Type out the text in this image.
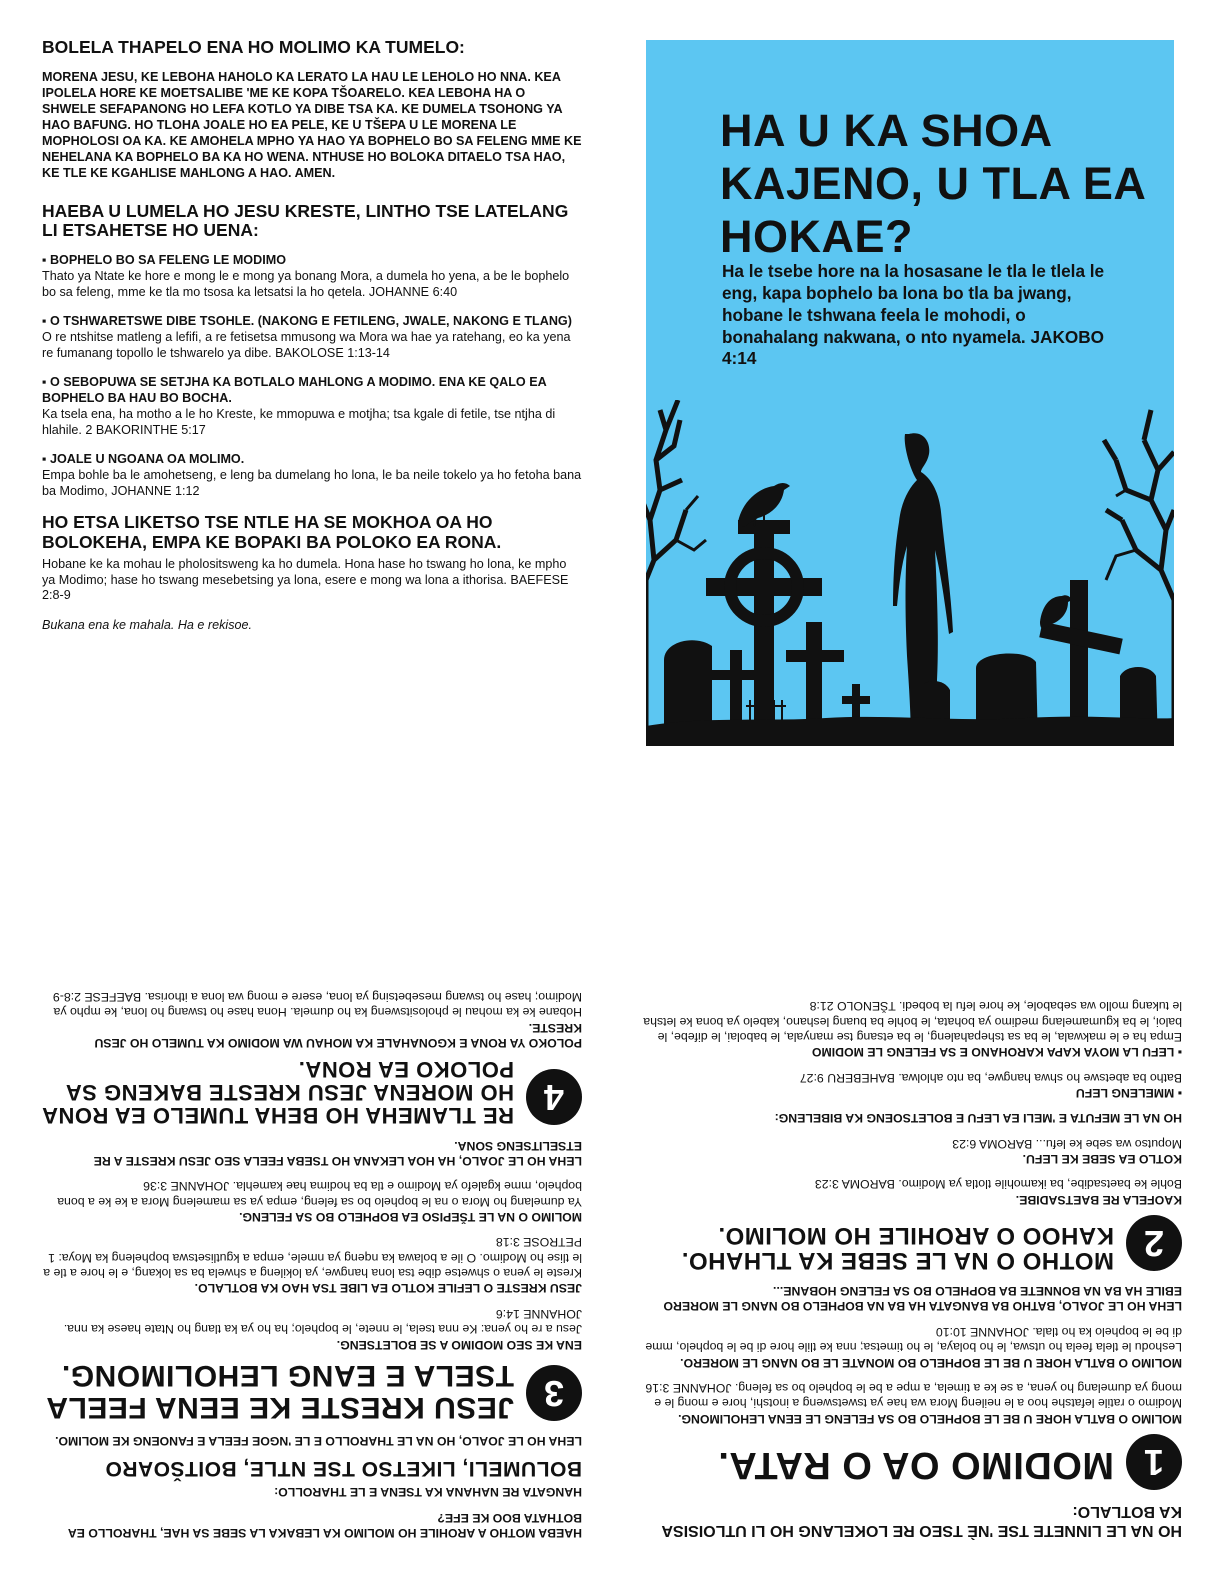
BOLELA THAPELO ENA HO MOLIMO KA TUMELO:

MORENA JESU, KE LEBOHA HAHOLO KA LERATO LA HAU LE LEHOLO HO NNA. KEA IPOLELA HORE KE MOETSALIBE 'ME KE KOPA TŠOARELO. KEA LEBOHA HA O SHWELE SEFAPANONG HO LEFA KOTLO YA DIBE TSA KA. KE DUMELA TSOHONG YA HAO BAFUNG. HO TLOHA JOALE HO EA PELE, KE U TŠEPA U LE MORENA LE MOPHOLOSI OA KA. KE AMOHELA MPHO YA HAO YA BOPHELO BO SA FELENG MME KE NEHELANA KA BOPHELO BA KA HO WENA. NTHUSE HO BOLOKA DITAELO TSA HAO, KE TLE KE KGAHLISE MAHLONG A HAO. AMEN.

HAEBA U LUMELA HO JESU KRESTE, LINTHO TSE LATELANG LI ETSAHETSE HO UENA:
▪ BOPHELO BO SA FELENG LE MODIMO
Thato ya Ntate ke hore e mong le e mong ya bonang Mora, a dumela ho yena, a be le bophelo bo sa feleng, mme ke tla mo tsosa ka letsatsi la ho qetela. JOHANNE 6:40
▪ O TSHWARETSWE DIBE TSOHLE. (NAKONG E FETILENG, JWALE, NAKONG E TLANG)
O re ntshitse matleng a lefifi, a re fetisetsa mmusong wa Mora wa hae ya ratehang, eo ka yena re fumanang topollo le tshwarelo ya dibe. BAKOLOSE 1:13-14
▪ O SEBOPUWA SE SETJHA KA BOTLALO MAHLONG A MODIMO. ENA KE QALO EA BOPHELO BA HAU BO BOCHA.
Ka tsela ena, ha motho a le ho Kreste, ke mmopuwa e motjha; tsa kgale di fetile, tse ntjha di hlahile. 2 BAKORINTHE 5:17
▪ JOALE U NGOANA OA MOLIMO.
Empa bohle ba le amohetseng, e leng ba dumelang ho lona, le ba neile tokelo ya ho fetoha bana ba Modimo, JOHANNE 1:12
HO ETSA LIKETSO TSE NTLE HA SE MOKHOA OA HO BOLOKEHA, EMPA KE BOPAKI BA POLOKO EA RONA.
Hobane ke ka mohau le pholositsweng ka ho dumela. Hona hase ho tswang ho lona, ke mpho ya Modimo; hase ho tswang mesebetsing ya lona, esere e mong wa lona a ithorisa. BAEFESE 2:8-9
Bukana ena ke mahala. Ha e rekisoe.
HA U KA SHOA KAJENO, U TLA EA HOKAE?
Ha le tsebe hore na la hosasane le tla le tlela le eng, kapa bophelo ba lona bo tla ba jwang, hobane le tshwana feela le mohodi, o bonahalang nakwana, o nto nyamela. JAKOBO 4:14
HO NA LE LINNETE TSE 'NÈ TSEO RE LOKELANG HO LI UTLOISISA KA BOTLALO:
1
MODIMO OA O RATA.
MOLIMO O BATLA HORE U BE LE BOPHELO BO SA FELENG LE EENA LEHOLIMONG.
Modimo o ratile lefatshe hoo a le neileng Mora wa hae ya tswetsweng a inotshi, hore e mong le e mong ya dumelang ho yena, a se ke a timela, a mpe a be le bophelo bo sa feleng. JOHANNE 3:16
MOLIMO O BATLA HORE U BE LE BOPHELO BO MONATE LE BO NANG LE MORERO.
Leshodu le tlela feela ho utswa, le ho bolaya, le ho timetsa; nna ke tlile hore di be le bophelo, mme di be le bophelo ka ho tlala. JOHANNE 10:10
LEHA HO LE JOALO, BATHO BA BANGATA HA BA NA BOPHELO BO NANG LE MORERO EBILE HA BA NA BONNETE BA BOPHELO BO SA FELENG HOBANE...
2
MOTHO O NA LE SEBE KA TLHAHO. KAHOO O AROHILE HO MOLIMO.
KAOFELA RE BAETSADIBE.
Bohle ke baetsadibe, ba ikamohile tlotla ya Modimo. BAROMA 3:23
KOTLO EA SEBE KE LEFU.
Moputso wa sebe ke lefu... BAROMA 6:23
HO NA LE MEFUTA E 'MELI EA LEFU E BOLETSOENG KA BIBELENG:
▪ MMELENG LEFU
Batho ba abetswe ho shwa hangwe, ba nto ahlolwa. BAHEBERU 9:27
▪ LEFU LA MOYA KAPA KAROHANO E SA FELENG LE MODIMO
Empa ha e le makwala, le ba sa tshepahaleng, le ba etsang tse manyala, le babolai, le difebe, le baloi, le ba kgumamelang medimo ya bohata, le bohle ba buang leshano, kabelo ya bona ke letsha le tukang mollo wa sebabole, ke hore lefu la bobedi. TŠENOLO 21:8
HAEBA MOTHO A AROHILE HO MOLIMO KA LEBAKA LA SEBE SA HAE, THAROLLO EA BOTHATA BOO KE EFE?
HANGATA RE NAHANA KA TSENA E LE THAROLLO:
BOLUMELI, LIKETSO TSE NTLE, BOITŠOARO
LEHA HO LE JOALO, HO NA LE THAROLLO E LE 'NGOE FEELA E FANOENG KE MOLIMO.
3
JESU KRESTE KE EENA FEELA TSELA E EANG LEHOLIMONG.
ENA KE SEO MODIMO A SE BOLETSENG.
Jesu a re ho yena: Ke nna tsela, le nnete, le bophelo; ha ho ya ka tlang ho Ntate haese ka nna. JOHANNE 14:6
JESU KRESTE O LEFILE KOTLO EA LIBE TSA HAO KA BOTLALO.
Kreste le yena o shwetse dibe tsa lona hangwe, ya lokileng a shwela ba sa lokang, e le hore a tle a le tlise ho Modimo. O ile a bolawa ka nqeng ya nmele, empa a kgutlisetswa bopheleng ka Moya: 1 PETROSE 3:18
MOLIMO O NA LE TŠEPISO EA BOPHELO BO SA FELENG.
Ya dumelang ho Mora o na le bophelo bo sa feleng, empa ya sa mameleng Mora a ke ke a bona bophelo, mme kgalefo ya Modimo e tla ba hodima hae kamehla. JOHANNE 3:36
LEHA HO LE JOALO, HA HOA LEKANA HO TSEBA FEELA SEO JESU KRESTE A RE ETSELITSENG SONA.
4
RE TLAMEHA HO BEHA TUMELO EA RONA HO MORENA JESU KRESTE BAKENG SA POLOKO EA RONA.
POLOKO YA RONA E KGONAHALE KA MOHAU WA MODIMO KA TUMELO HO JESU KRESTE.
Hobane ke ka mohau le pholositsweng ka ho dumela. Hona hase ho tswang ho lona, ke mpho ya Modimo; hase ho tswang mesebetsing ya lona, esere e mong wa lona a ithorisa. BAEFESE 2:8-9
